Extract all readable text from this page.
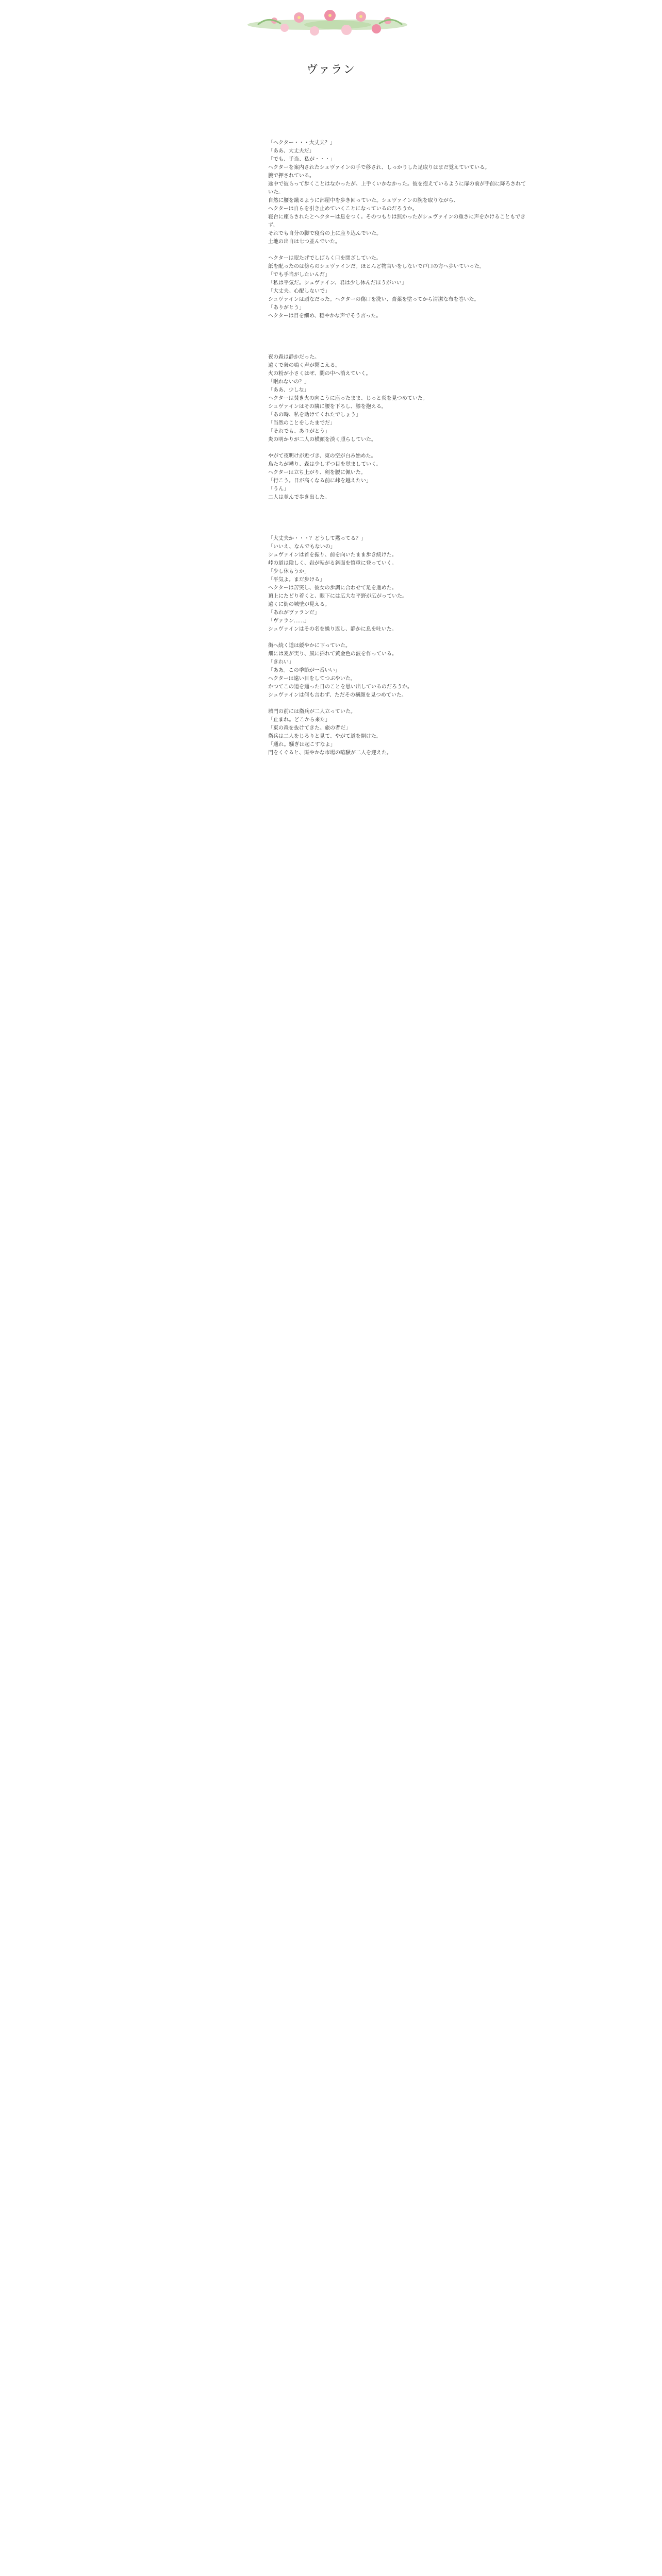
ヴァラン

「ヘクター・・・大丈夫？」

「ああ、大丈夫だ」

「でも、手当、私が・・・」

ヘクターを案内されたシュヴァインの手で移され、しっかりした足取りはまだ覚えていている。

腕で押されている。

途中で彼らって歩くことはなかったが、上手くいかなかった。彼を抱えているように扉の前が手前に降ろされていた。

自然に腰を蹴るように部屋中を歩き回っていた。シュヴァインの腕を取りながら、

ヘクターは自らを引き止めていくことになっているのだろうか。

寝台に座らされたとヘクターは息をつく。そのつもりは無かったがシュヴァインの重さに声をかけることもできず、

それでも自分の脚で寝台の上に座り込んでいた。

土地の出自は七つ並んでいた。

ヘクターは眠たげでしばらく口を閉ざしていた。

紙を配ったのは傍らのシュヴァインだ。ほとんど物言いをしないで戸口の方へ歩いていった。

「でも手当がしたいんだ」

「私は平気だ。シュヴァイン、君は少し休んだほうがいい」

「大丈夫。心配しないで」

シュヴァインは頑なだった。ヘクターの傷口を洗い、膏薬を塗ってから清潔な布を巻いた。

「ありがとう」

ヘクターは目を細め、穏やかな声でそう言った。

夜の森は静かだった。

遠くで梟の鳴く声が聞こえる。

火の粉が小さくはぜ、闇の中へ消えていく。

「眠れないの？」

「ああ、少しな」

ヘクターは焚き火の向こうに座ったまま、じっと炎を見つめていた。

シュヴァインはその隣に腰を下ろし、膝を抱える。

「あの時、私を助けてくれたでしょう」

「当然のことをしたまでだ」

「それでも、ありがとう」

炎の明かりが二人の横顔を淡く照らしていた。

やがて夜明けが近づき、東の空が白み始めた。

鳥たちが囀り、森は少しずつ目を覚ましていく。

ヘクターは立ち上がり、剣を腰に佩いた。

「行こう。日が高くなる前に峠を越えたい」

「うん」

二人は並んで歩き出した。

「大丈夫か・・・？どうして黙ってる？」

「いいえ、なんでもないの」

シュヴァインは首を振り、前を向いたまま歩き続けた。

峠の道は険しく、岩が転がる斜面を慎重に登っていく。

「少し休もうか」

「平気よ。まだ歩ける」

ヘクターは苦笑し、彼女の歩調に合わせて足を進めた。

頂上にたどり着くと、眼下には広大な平野が広がっていた。

遠くに街の城壁が見える。

「あれがヴァランだ」

「ヴァラン……」

シュヴァインはその名を繰り返し、静かに息を吐いた。

街へ続く道は緩やかに下っていた。

畑には麦が実り、風に揺れて黄金色の波を作っている。

「きれい」

「ああ。この季節が一番いい」

ヘクターは遠い目をしてつぶやいた。

かつてこの道を通った日のことを思い出しているのだろうか。

シュヴァインは何も言わず、ただその横顔を見つめていた。

城門の前には衛兵が二人立っていた。

「止まれ。どこから来た」

「東の森を抜けてきた。旅の者だ」

衛兵は二人をじろりと見て、やがて道を開けた。

「通れ。騒ぎは起こすなよ」

門をくぐると、賑やかな市場の喧騒が二人を迎えた。
